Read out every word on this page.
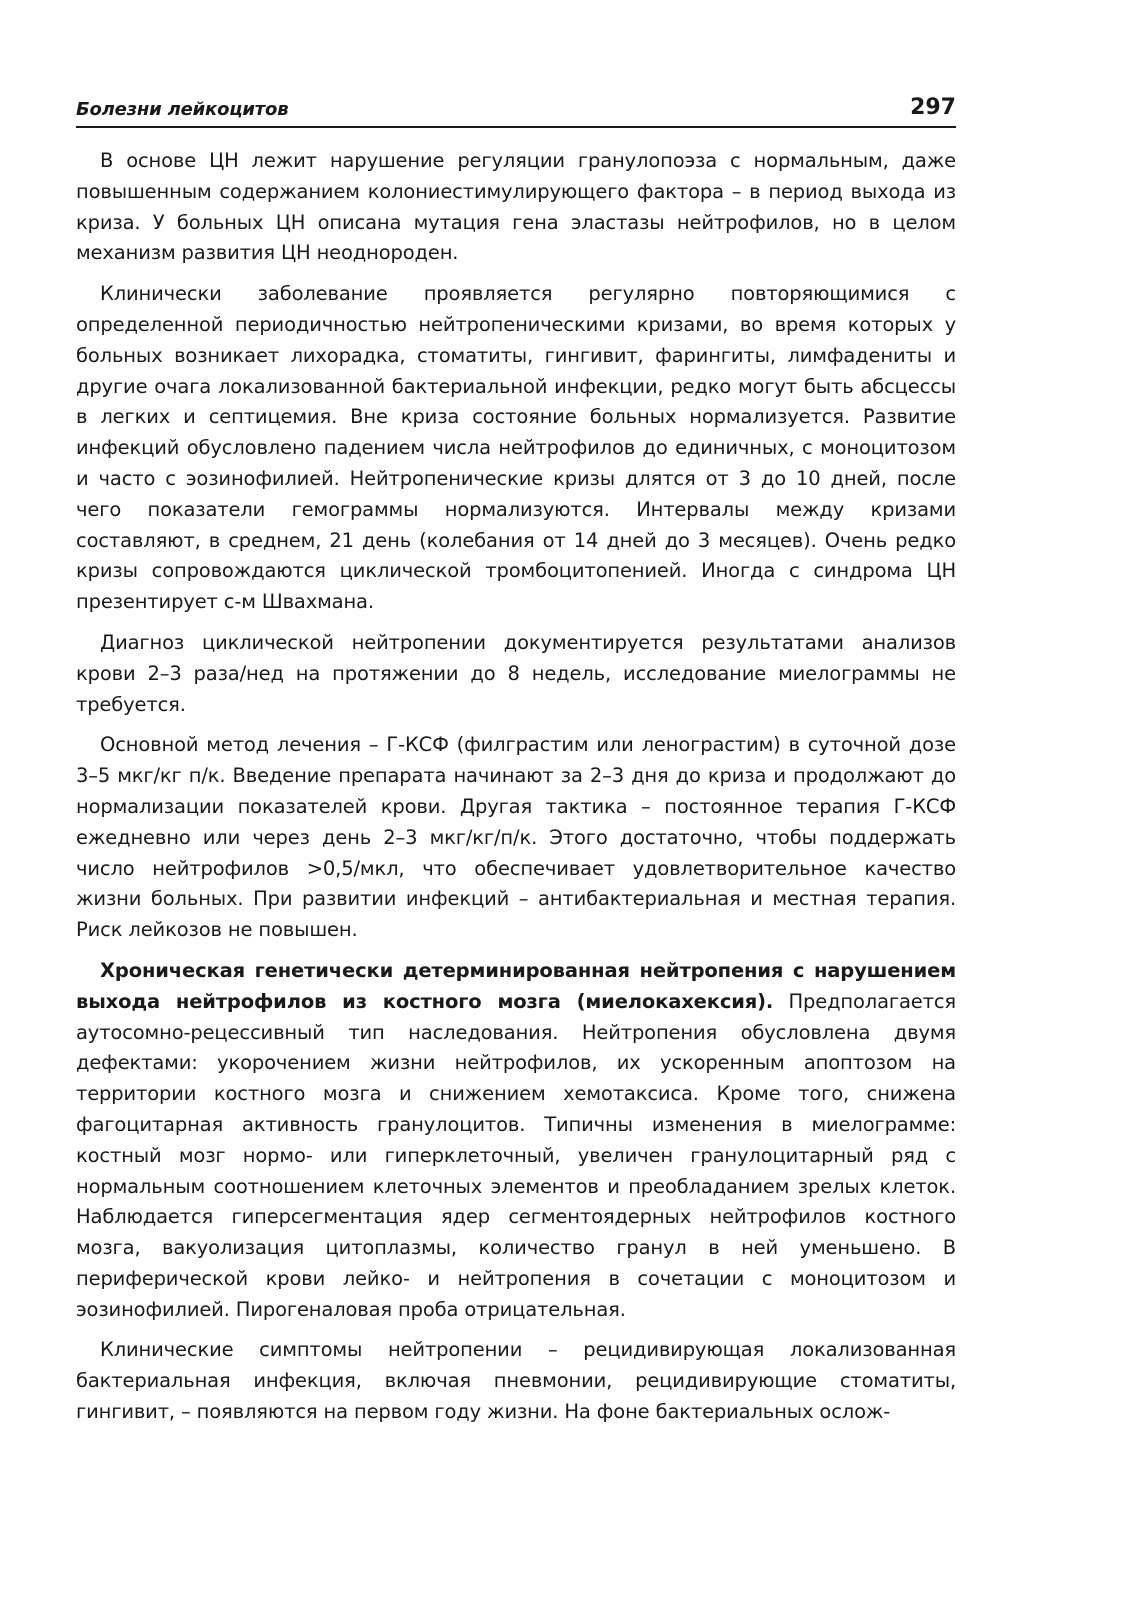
Болезни лейкоцитов	297

В основе ЦН лежит нарушение регуляции гранулопоэза с нормальным, даже повышенным содержанием колониестимулирующего фактора – в период выхода из криза. У больных ЦН описана мутация гена эластазы нейтрофилов, но в целом механизм развития ЦН неоднороден.

Клинически заболевание проявляется регулярно повторяющимися с определенной периодичностью нейтропеническими кризами, во время которых у больных возникает лихорадка, стоматиты, гингивит, фарингиты, лимфадениты и другие очага локализованной бактериальной инфекции, редко могут быть абсцессы в легких и септицемия. Вне криза состояние больных нормализуется. Развитие инфекций обусловлено падением числа нейтрофилов до единичных, с моноцитозом и часто с эозинофилией. Нейтропенические кризы длятся от 3 до 10 дней, после чего показатели гемограммы нормализуются. Интервалы между кризами составляют, в среднем, 21 день (колебания от 14 дней до 3 месяцев). Очень редко кризы сопровождаются циклической тромбоцитопенией. Иногда с синдрома ЦН презентирует с-м Швахмана.

Диагноз циклической нейтропении документируется результатами анализов крови 2–3 раза/нед на протяжении до 8 недель, исследование миелограммы не требуется.

Основной метод лечения – Г-КСФ (филграстим или ленограстим) в суточной дозе 3–5 мкг/кг п/к. Введение препарата начинают за 2–3 дня до криза и продолжают до нормализации показателей крови. Другая тактика – постоянное терапия Г-КСФ ежедневно или через день 2–3 мкг/кг/п/к. Этого достаточно, чтобы поддержать число нейтрофилов >0,5/мкл, что обеспечивает удовлетворительное качество жизни больных. При развитии инфекций – антибактериальная и местная терапия. Риск лейкозов не повышен.

Хроническая генетически детерминированная нейтропения с нарушением выхода нейтрофилов из костного мозга (миелокахексия). Предполагается аутосомно-рецессивный тип наследования. Нейтропения обусловлена двумя дефектами: укорочением жизни нейтрофилов, их ускоренным апоптозом на территории костного мозга и снижением хемотаксиса. Кроме того, снижена фагоцитарная активность гранулоцитов. Типичны изменения в миелограмме: костный мозг нормо- или гиперклеточный, увеличен гранулоцитарный ряд с нормальным соотношением клеточных элементов и преобладанием зрелых клеток. Наблюдается гиперсегментация ядер сегментоядерных нейтрофилов костного мозга, вакуолизация цитоплазмы, количество гранул в ней уменьшено. В периферической крови лейко- и нейтропения в сочетации с моноцитозом и эозинофилией. Пирогеналовая проба отрицательная.

Клинические симптомы нейтропении – рецидивирующая локализованная бактериальная инфекция, включая пневмонии, рецидивирующие стоматиты, гингивит, – появляются на первом году жизни. На фоне бактериальных ослож-
